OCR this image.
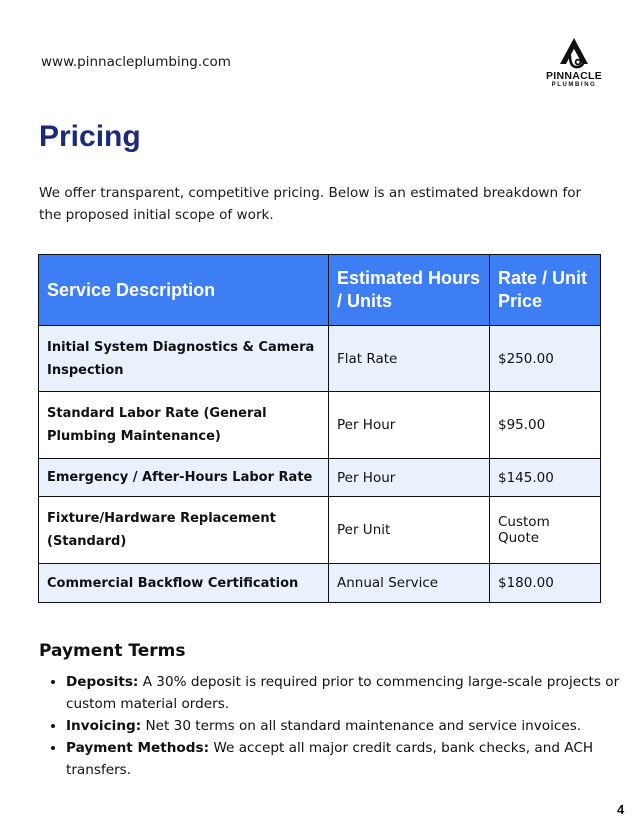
www.pinnacleplumbing.com
PINNACLE
PLUMBING
Pricing

We offer transparent, competitive pricing. Below is an estimated breakdown for the proposed initial scope of work.

Service Description	Estimated Hours / Units	Rate / Unit Price
Initial System Diagnostics & Camera Inspection	Flat Rate	$250.00
Standard Labor Rate (General Plumbing Maintenance)	Per Hour	$95.00
Emergency / After-Hours Labor Rate	Per Hour	$145.00
Fixture/Hardware Replacement (Standard)	Per Unit	Custom Quote
Commercial Backflow Certification	Annual Service	$180.00
Payment Terms
• Deposits: A 30% deposit is required prior to commencing large-scale projects or custom material orders.
• Invoicing: Net 30 terms on all standard maintenance and service invoices.
• Payment Methods: We accept all major credit cards, bank checks, and ACH transfers.
4
